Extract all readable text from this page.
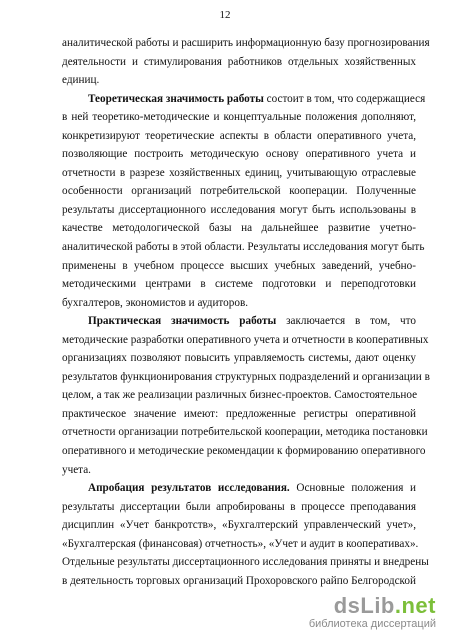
12

аналитической работы и расширить информационную базу прогнозирования
деятельности и стимулирования работников отдельных хозяйственных
единиц.

Теоретическая значимость работы состоит в том, что содержащиеся
в ней теоретико-методические и концептуальные положения дополняют,
конкретизируют теоретические аспекты в области оперативного учета,
позволяющие построить методическую основу оперативного учета и
отчетности в разрезе хозяйственных единиц, учитывающую отраслевые
особенности организаций потребительской кооперации. Полученные
результаты диссертационного исследования могут быть использованы в
качестве методологической базы на дальнейшее развитие учетно-
аналитической работы в этой области. Результаты исследования могут быть
применены в учебном процессе высших учебных заведений, учебно-
методическими центрами в системе подготовки и переподготовки
бухгалтеров, экономистов и аудиторов.

Практическая значимость работы заключается в том, что
методические разработки оперативного учета и отчетности в кооперативных
организациях позволяют повысить управляемость системы, дают оценку
результатов функционирования структурных подразделений и организации в
целом, а так же реализации различных бизнес-проектов. Самостоятельное
практическое значение имеют: предложенные регистры оперативной
отчетности организации потребительской кооперации, методика постановки
оперативного и методические рекомендации к формированию оперативного
учета.

Апробация результатов исследования. Основные положения и
результаты диссертации были апробированы в процессе преподавания
дисциплин «Учет банкротств», «Бухгалтерский управленческий учет»,
«Бухгалтерская (финансовая) отчетность», «Учет и аудит в кооперативах».
Отдельные результаты диссертационного исследования приняты и внедрены
в деятельность торговых организаций Прохоровского райпо Белгородской

dsLib.net
библиотека диссертаций
